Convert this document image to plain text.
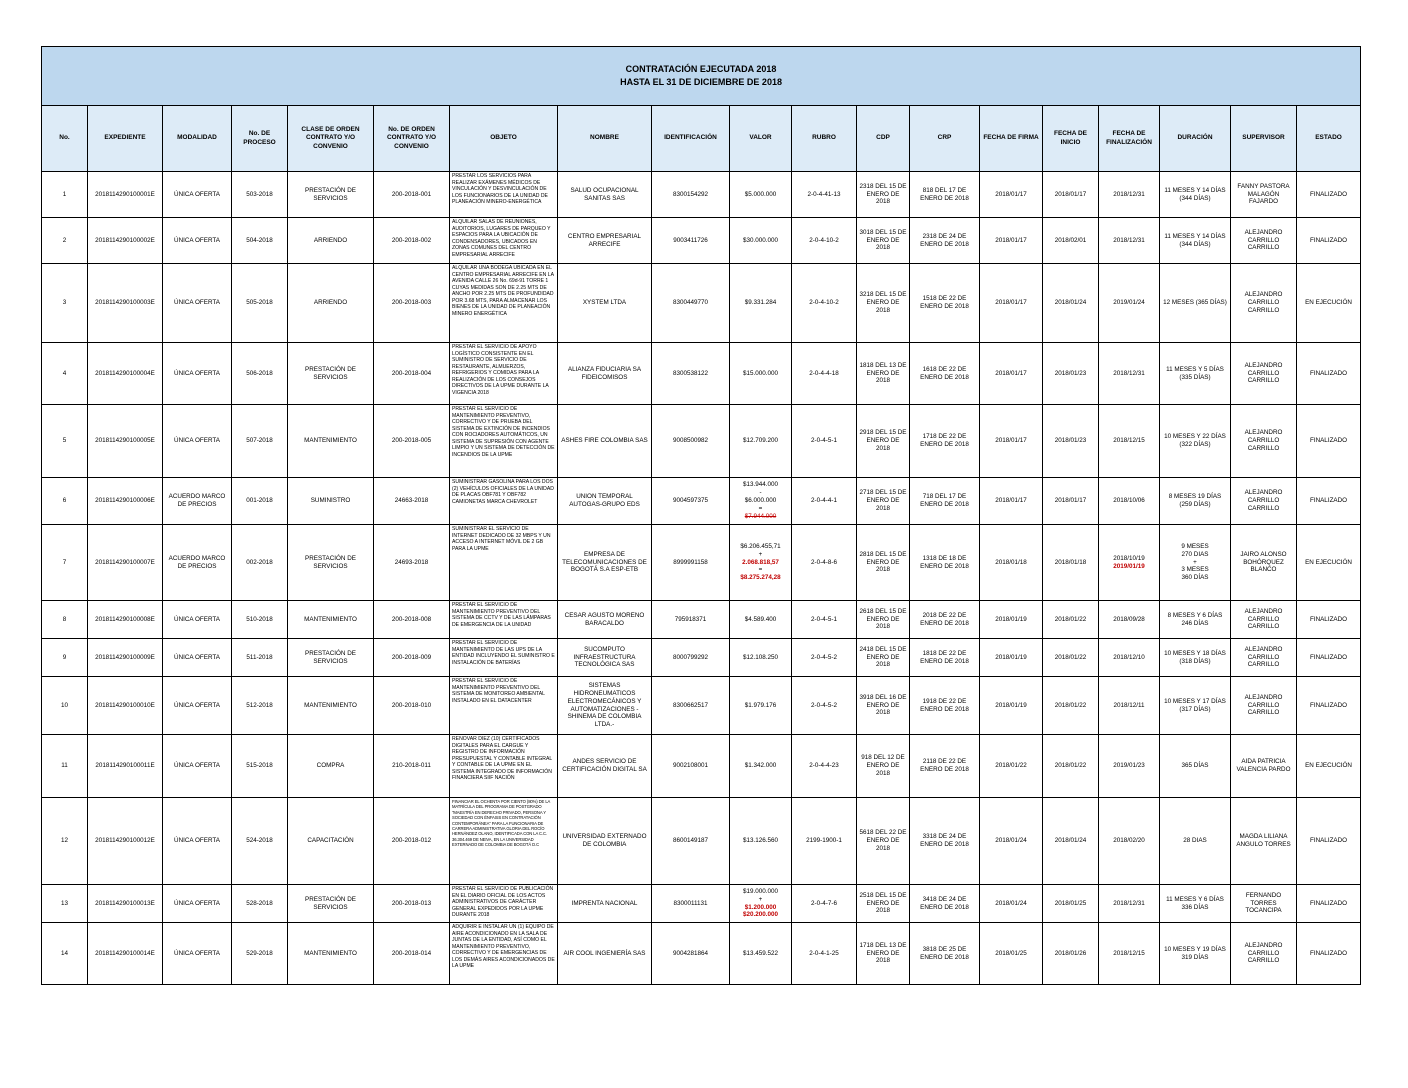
CONTRATACIÓN EJECUTADA 2018
HASTA EL 31 DE DICIEMBRE DE 2018																		

No.	EXPEDIENTE	MODALIDAD	No. DE PROCESO	CLASE DE ORDEN CONTRATO Y/O CONVENIO	No. DE ORDEN CONTRATO Y/O CONVENIO	OBJETO	NOMBRE	IDENTIFICACIÓN	VALOR	RUBRO	CDP	CRP	FECHA DE FIRMA	FECHA DE INICIO	FECHA DE FINALIZACIÓN	DURACIÓN	SUPERVISOR	ESTADO
1	2018114290100001E	ÚNICA OFERTA	503-2018	PRESTACIÓN DE SERVICIOS	200-2018-001	PRESTAR LOS SERVICIOS PARA REALIZAR EXÁMENES MÉDICOS DE VINCULACIÓN Y DESVINCULACIÓN DE LOS FUNCIONARIOS DE LA UNIDAD DE PLANEACIÓN MINERO-ENERGÉTICA	SALUD OCUPACIONAL SANITAS SAS	8300154292	$5.000.000	2-0-4-41-13	2318 DEL 15 DE ENERO DE 2018	818 DEL 17 DE ENERO DE 2018	2018/01/17	2018/01/17	2018/12/31	11 MESES Y 14 DÍAS (344 DÍAS)	FANNY PASTORA MALAGÓN FAJARDO	FINALIZADO
2	2018114290100002E	ÚNICA OFERTA	504-2018	ARRIENDO	200-2018-002	ALQUILAR SALAS DE REUNIONES, AUDITORIOS, LUGARES DE PARQUEO Y ESPACIOS PARA LA UBICACIÓN DE CONDENSADORES, UBICADOS EN ZONAS COMUNES DEL CENTRO EMPRESARIAL ARRECIFE	CENTRO EMPRESARIAL ARRECIFE	9003411726	$30.000.000	2-0-4-10-2	3018 DEL 15 DE ENERO DE 2018	2318 DE 24 DE ENERO DE 2018	2018/01/17	2018/02/01	2018/12/31	11 MESES Y 14 DÍAS (344 DÍAS)	ALEJANDRO CARRILLO CARRILLO	FINALIZADO
3	2018114290100003E	ÚNICA OFERTA	505-2018	ARRIENDO	200-2018-003	ALQUILAR UNA BODEGA UBICADA EN EL CENTRO EMPRESARIAL ARRECIFE EN LA AVENIDA CALLE 26 No. 69d-91 TORRE 1 CUYAS MEDIDAS SON DE 2.25 MTS DE ANCHO POR 2.25 MTS DE PROFUNDIDAD POR 3.68 MTS, PARA ALMACENAR LOS BIENES DE LA UNIDAD DE PLANEACIÓN MINERO ENERGÉTICA	XYSTEM LTDA	8300449770	$9.331.284	2-0-4-10-2	3218 DEL 15 DE ENERO DE 2018	1518 DE 22 DE ENERO DE 2018	2018/01/17	2018/01/24	2019/01/24	12 MESES (365 DÍAS)	ALEJANDRO CARRILLO CARRILLO	EN EJECUCIÓN
4	2018114290100004E	ÚNICA OFERTA	506-2018	PRESTACIÓN DE SERVICIOS	200-2018-004	PRESTAR EL SERVICIO DE APOYO LOGÍSTICO CONSISTENTE EN EL SUMINISTRO DE SERVICIO DE RESTAURANTE, ALMUERZOS, REFRIGERIOS Y COMIDAS PARA LA REALIZACIÓN DE LOS CONSEJOS DIRECTIVOS DE LA UPME DURANTE LA VIGENCIA 2018	ALIANZA FIDUCIARIA SA FIDEICOMISOS	8300538122	$15.000.000	2-0-4-4-18	1818 DEL 13 DE ENERO DE 2018	1618 DE 22 DE ENERO DE 2018	2018/01/17	2018/01/23	2018/12/31	11 MESES Y 5 DÍAS (335 DÍAS)	ALEJANDRO CARRILLO CARRILLO	FINALIZADO
5	2018114290100005E	ÚNICA OFERTA	507-2018	MANTENIMIENTO	200-2018-005	PRESTAR EL SERVICIO DE MANTENIMIENTO PREVENTIVO, CORRECTIVO Y DE PRUEBA DEL SISTEMA DE EXTINCIÓN DE INCENDIOS CON ROCIADORES AUTOMÁTICOS, UN SISTEMA DE SUPRESIÓN CON AGENTE LIMPIO Y UN SISTEMA DE DETECCIÓN DE INCENDIOS DE LA UPME	ASHES FIRE COLOMBIA SAS	9008500982	$12.709.200	2-0-4-5-1	2918 DEL 15 DE ENERO DE 2018	1718 DE 22 DE ENERO DE 2018	2018/01/17	2018/01/23	2018/12/15	10 MESES Y 22 DÍAS (322 DÍAS)	ALEJANDRO CARRILLO CARRILLO	FINALIZADO
6	2018114290100006E	ACUERDO MARCO DE PRECIOS	001-2018	SUMINISTRO	24663-2018	SUMINISTRAR GASOLINA PARA LOS DOS (2) VEHÍCULOS OFICIALES DE LA UNIDAD DE PLACAS OBF781 Y OBF782 CAMIONETAS MARCA CHEVROLET	UNION TEMPORAL AUTOGAS-GRUPO EDS	9004597375	$13.944.000
-
$6.000.000
=
$7.944.000	2-0-4-4-1	2718 DEL 15 DE ENERO DE 2018	718 DEL 17 DE ENERO DE 2018	2018/01/17	2018/01/17	2018/10/06	8 MESES 19 DÍAS (259 DÍAS)	ALEJANDRO CARRILLO CARRILLO	FINALIZADO
7	2018114290100007E	ACUERDO MARCO DE PRECIOS	002-2018	PRESTACIÓN DE SERVICIOS	24693-2018	SUMINISTRAR EL SERVICIO DE INTERNET DEDICADO DE 32 MBPS Y UN ACCESO A INTERNET MÓVIL DE 2 GB PARA LA UPME	EMPRESA DE TELECOMUNICACIONES DE BOGOTÁ S.A ESP-ETB	8999991158	$6.206.455,71
+
2.068.818,57
=
$8.275.274,28	2-0-4-8-6	2818 DEL 15 DE ENERO DE 2018	1318 DE 18 DE ENERO DE 2018	2018/01/18	2018/01/18	2018/10/19
2019/01/19	9 MESES
270 DIAS
+
3 MESES
360 DÍAS	JAIRO ALONSO BOHÓRQUEZ BLANCO	EN EJECUCIÓN
8	2018114290100008E	ÚNICA OFERTA	510-2018	MANTENIMIENTO	200-2018-008	PRESTAR EL SERVICIO DE MANTENIMIENTO PREVENTIVO DEL SISTEMA DE CCTV Y DE LAS LÁMPARAS DE EMERGENCIA DE LA UNIDAD	CESAR AGUSTO MORENO BARACALDO	795918371	$4.589.400	2-0-4-5-1	2618 DEL 15 DE ENERO DE 2018	2018 DE 22 DE ENERO DE 2018	2018/01/19	2018/01/22	2018/09/28	8 MESES Y 6 DÍAS 246 DÍAS	ALEJANDRO CARRILLO CARRILLO	FINALIZADO
9	2018114290100009E	ÚNICA OFERTA	511-2018	PRESTACIÓN DE SERVICIOS	200-2018-009	PRESTAR EL SERVICIO DE MANTENIMIENTO DE LAS UPS DE LA ENTIDAD INCLUYENDO EL SUMINISTRO E INSTALACIÓN DE BATERÍAS	SUCOMPUTO INFRAESTRUCTURA TECNOLÓGICA SAS	8000799292	$12.108.250	2-0-4-5-2	2418 DEL 15 DE ENERO DE 2018	1818 DE 22 DE ENERO DE 2018	2018/01/19	2018/01/22	2018/12/10	10 MESES Y 18 DÍAS (318 DÍAS)	ALEJANDRO CARRILLO CARRILLO	FINALIZADO
10	2018114290100010E	ÚNICA OFERTA	512-2018	MANTENIMIENTO	200-2018-010	PRESTAR EL SERVICIO DE MANTENIMIENTO PREVENTIVO DEL SISTEMA DE MONITOREO AMBIENTAL INSTALADO EN EL DATACENTER	SISTEMAS HIDRONEUMATICOS ELECTROMECÁNICOS Y AUTOMATIZACIONES - SHINEMA DE COLOMBIA LTDA.-	8300662517	$1.979.176	2-0-4-5-2	3918 DEL 16 DE ENERO DE 2018	1918 DE 22 DE ENERO DE 2018	2018/01/19	2018/01/22	2018/12/11	10 MESES Y 17 DÍAS (317 DÍAS)	ALEJANDRO CARRILLO CARRILLO	FINALIZADO
11	2018114290100011E	ÚNICA OFERTA	515-2018	COMPRA	210-2018-011	RENOVAR DIEZ (10) CERTIFICADOS DIGITALES PARA EL CARGUE Y REGISTRO DE INFORMACIÓN PRESUPUESTAL Y CONTABLE INTEGRAL Y CONTABLE DE LA UPME EN EL SISTEMA INTEGRADO DE INFORMACIÓN FINANCIERA SIIF NACIÓN	ANDES SERVICIO DE CERTIFICACIÓN DIGITAL SA	9002108001	$1.342.000	2-0-4-4-23	918 DEL 12 DE ENERO DE 2018	2118 DE 22 DE ENERO DE 2018	2018/01/22	2018/01/22	2019/01/23	365 DÍAS	AIDA PATRICIA VALENCIA PARDO	EN EJECUCIÓN
12	2018114290100012E	ÚNICA OFERTA	524-2018	CAPACITACIÓN	200-2018-012	FINANCIAR EL OCHENTA POR CIENTO (80%) DE LA MATRÍCULA DEL PROGRAMA DE POSTGRADO "MAESTRÍA EN DERECHO PRIVADO, PERSONA Y SOCIEDAD CON ÉNFASIS EN CONTRATACIÓN CONTEMPORÁNEA" PARA LA FUNCIONARIA DE CARRERA ADMINISTRATIVA GLORIA DEL ROCÍO HERNÁNDEZ OLANO, IDENTIFICADA CON LA C.C. 36.304.469 DE NEIVA, EN LA UNIVERSIDAD EXTERNADO DE COLOMBIA DE BOGOTÁ D.C	UNIVERSIDAD EXTERNADO DE COLOMBIA	8600149187	$13.126.560	2199-1900-1	5618 DEL 22 DE ENERO DE 2018	3318 DE 24 DE ENERO DE 2018	2018/01/24	2018/01/24	2018/02/20	28 DIAS	MAGDA LILIANA ANGULO TORRES	FINALIZADO
13	2018114290100013E	ÚNICA OFERTA	528-2018	PRESTACIÓN DE SERVICIOS	200-2018-013	PRESTAR EL SERVICIO DE PUBLICACIÓN EN EL DIARIO OFICIAL DE LOS ACTOS ADMINISTRATIVOS DE CARÁCTER GENERAL EXPEDIDOS POR LA UPME DURANTE 2018	IMPRENTA NACIONAL	8300011131	$19.000.000
+
$1.200.000
$20.200.000	2-0-4-7-6	2518 DEL 15 DE ENERO DE 2018	3418 DE 24 DE ENERO DE 2018	2018/01/24	2018/01/25	2018/12/31	11 MESES Y 6 DÍAS 336 DÍAS	FERNANDO TORRES TOCANCIPA	FINALIZADO
14	2018114290100014E	ÚNICA OFERTA	529-2018	MANTENIMIENTO	200-2018-014	ADQUIRIR E INSTALAR UN (1) EQUIPO DE AIRE ACONDICIONADO EN LA SALA DE JUNTAS DE LA ENTIDAD, ASÍ COMO EL MANTENIMIENTO PREVENTIVO, CORRECTIVO Y DE EMERGENCIAS DE LOS DEMÁS AIRES ACONDICIONADOS DE LA UPME	AIR COOL INGENIERÍA SAS	9004281864	$13.459.522	2-0-4-1-25	1718 DEL 13 DE ENERO DE 2018	3818 DE 25 DE ENERO DE 2018	2018/01/25	2018/01/26	2018/12/15	10 MESES Y 19 DÍAS 319 DÍAS	ALEJANDRO CARRILLO CARRILLO	FINALIZADO
